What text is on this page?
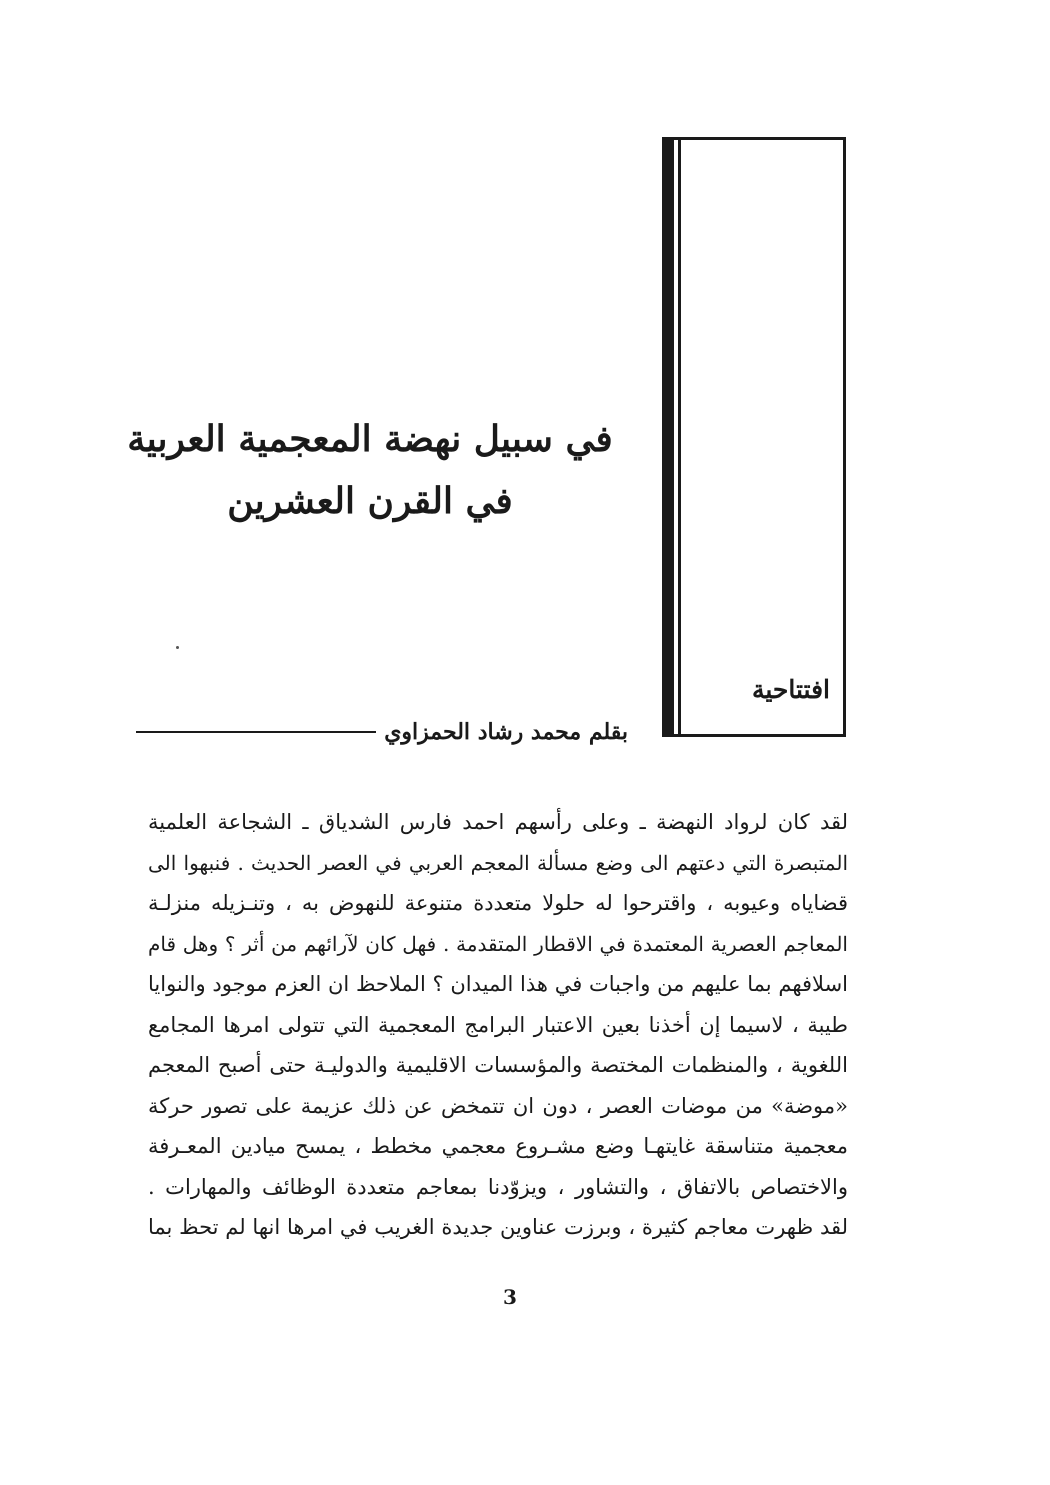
افتتاحية
في سبيل نهضة المعجمية العربية
في القرن العشرين
بقلم محمد رشاد الحمزاوي
لقد كان لرواد النهضة ـ وعلى رأسهم احمد فارس الشدياق ـ الشجاعة العلمية
المتبصرة التي دعتهم الى وضع مسألة المعجم العربي في العصر الحديث . فنبهوا الى
قضاياه وعيوبه ، واقترحوا له حلولا متعددة متنوعة للنهوض به ، وتنـزيله منزلـة
المعاجم العصرية المعتمدة في الاقطار المتقدمة . فهل كان لآرائهم من أثر ؟ وهل قام
اسلافهم بما عليهم من واجبات في هذا الميدان ؟ الملاحظ ان العزم موجود والنوايا
طيبة ، لاسيما إن أخذنا بعين الاعتبار البرامج المعجمية التي تتولى امرها المجامع
اللغوية ، والمنظمات المختصة والمؤسسات الاقليمية والدوليـة حتى أصبح المعجم
«موضة» من موضات العصر ، دون ان تتمخض عن ذلك عزيمة على تصور حركة
معجمية متناسقة غايتهـا وضع مشـروع معجمي مخطط ، يمسح ميادين المعـرفة
والاختصاص بالاتفاق ، والتشاور ، ويزوّدنا بمعاجم متعددة الوظائف والمهارات .
لقد ظهرت معاجم كثيرة ، وبرزت عناوين جديدة الغريب في امرها انها لم تحظ بما
3
